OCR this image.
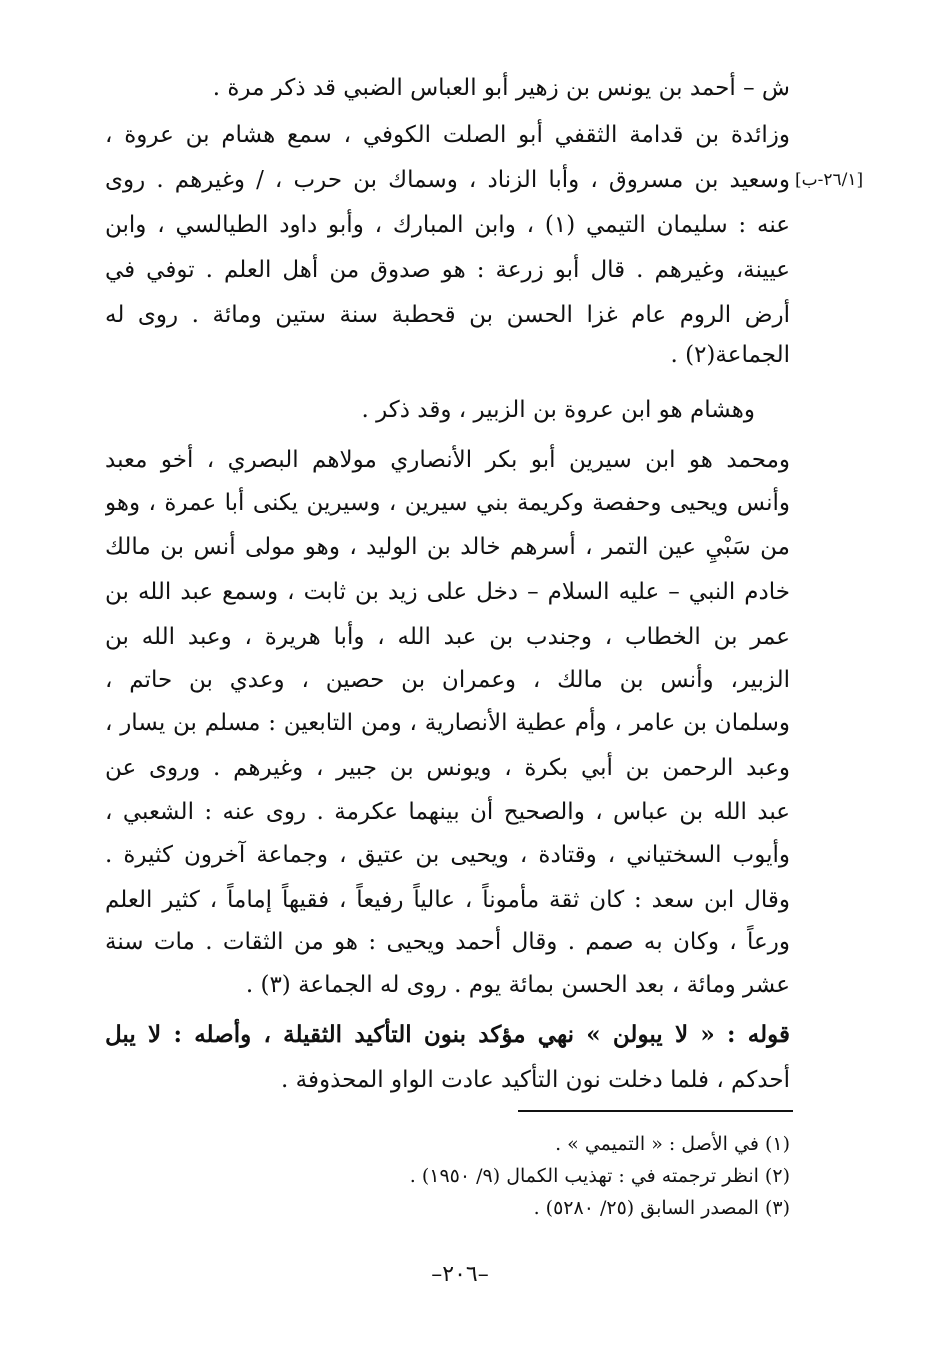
ش – أحمد بن يونس بن زهير أبو العباس الضبي قد ذكر مرة .
وزائدة بن قدامة الثقفي أبو الصلت الكوفي ، سمع هشام بن عروة ،
وسعيد بن مسروق ، وأبا الزناد ، وسماك بن حرب ، / وغيرهم . روى [٢٦/١-ب]
عنه : سليمان التيمي (١) ، وابن المبارك ، وأبو داود الطيالسي ، وابن
عيينة، وغيرهم . قال أبو زرعة : هو صدوق من أهل العلم . توفي في
أرض الروم عام غزا الحسن بن قحطبة سنة ستين ومائة . روى له
الجماعة(٢) .
وهشام هو ابن عروة بن الزبير ، وقد ذكر .
ومحمد هو ابن سيرين أبو بكر الأنصاري مولاهم البصري ، أخو معبد
وأنس ويحيى وحفصة وكريمة بني سيرين ، وسيرين يكنى أبا عمرة ، وهو
من سَبْيِ عين التمر ، أسرهم خالد بن الوليد ، وهو مولى أنس بن مالك
خادم النبي – عليه السلام – دخل على زيد بن ثابت ، وسمع عبد الله بن
عمر بن الخطاب ، وجندب بن عبد الله ، وأبا هريرة ، وعبد الله بن
الزبير، وأنس بن مالك ، وعمران بن حصين ، وعدي بن حاتم ،
وسلمان بن عامر ، وأم عطية الأنصارية ، ومن التابعين : مسلم بن يسار ،
وعبد الرحمن بن أبي بكرة ، ويونس بن جبير ، وغيرهم . وروى عن
عبد الله بن عباس ، والصحيح أن بينهما عكرمة . روى عنه : الشعبي ،
وأيوب السختياني ، وقتادة ، ويحيى بن عتيق ، وجماعة آخرون كثيرة .
وقال ابن سعد : كان ثقة مأموناً ، عالياً رفيعاً ، فقيهاً إماماً ، كثير العلم
ورعاً ، وكان به صمم . وقال أحمد ويحيى : هو من الثقات . مات سنة
عشر ومائة ، بعد الحسن بمائة يوم . روى له الجماعة (٣) .
قوله : « لا يبولن » نهي مؤكد بنون التأكيد الثقيلة ، وأصله : لا يبل
أحدكم ، فلما دخلت نون التأكيد عادت الواو المحذوفة .
(١) في الأصل : « التميمي » .
(٢) انظر ترجمته في : تهذيب الكمال (٩/ ١٩٥٠) .
(٣) المصدر السابق (٢٥/ ٥٢٨٠) .
–٢٠٦–
